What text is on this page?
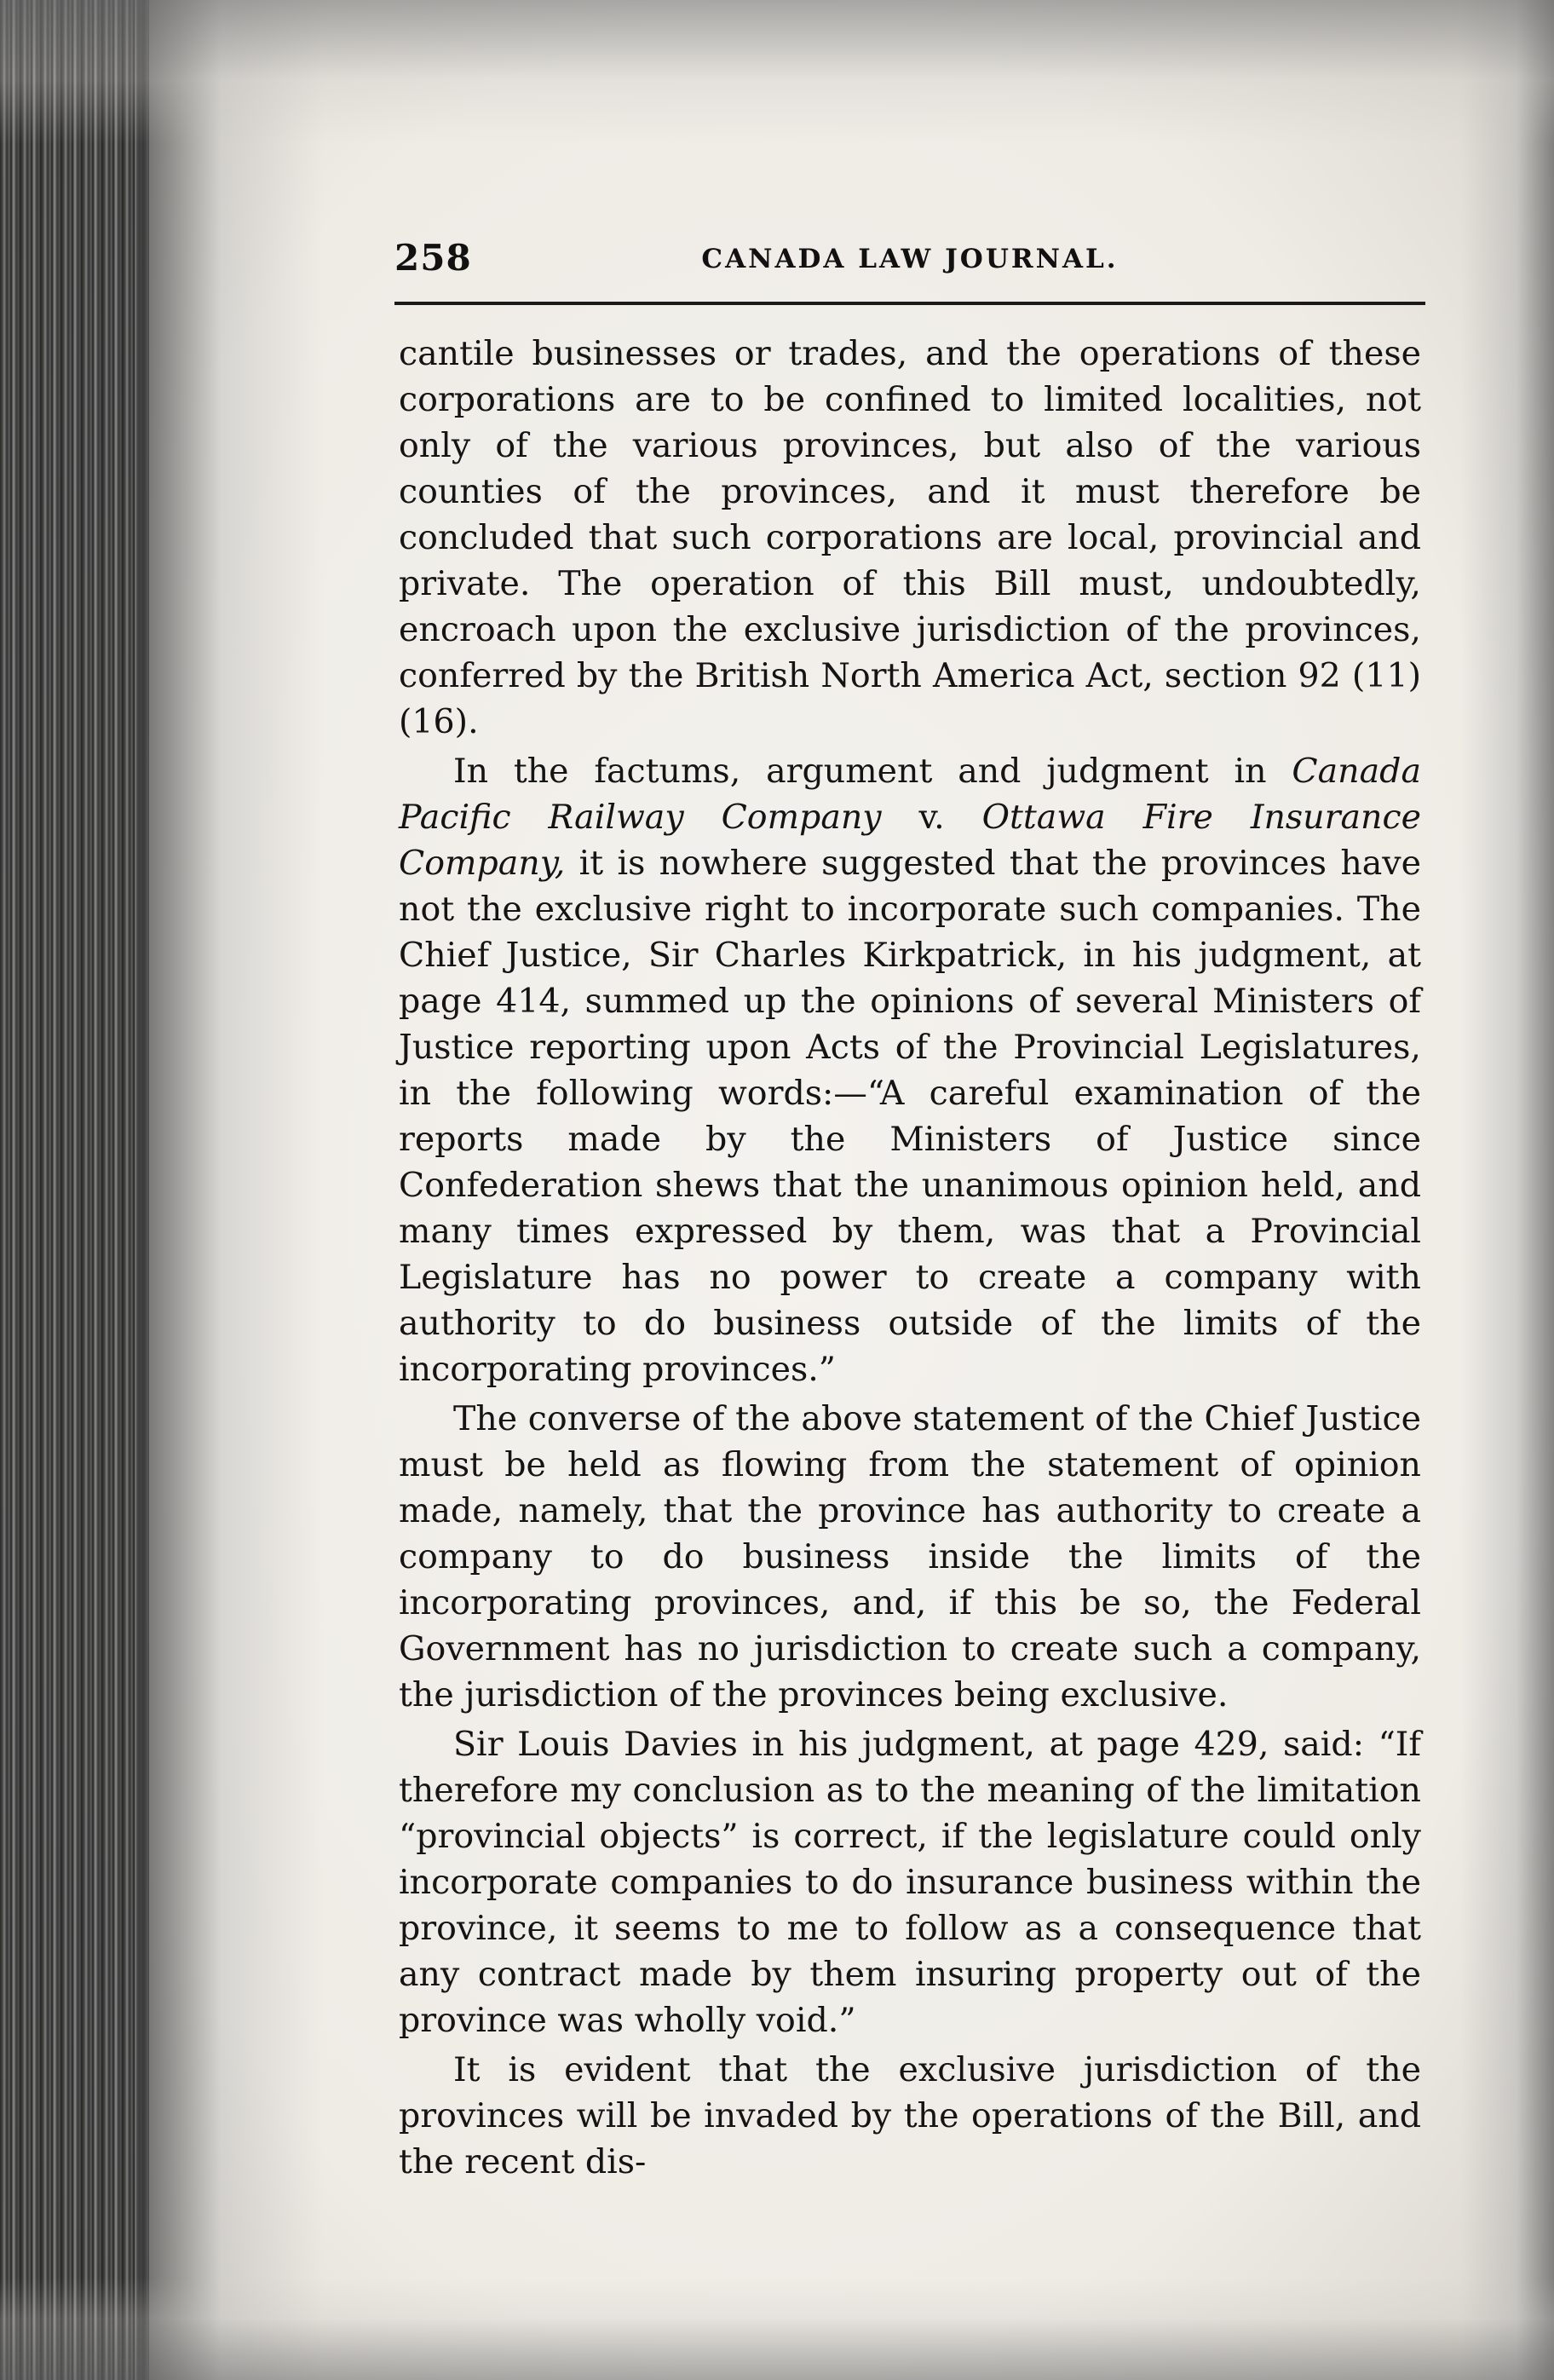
258	CANADA LAW JOURNAL.

cantile businesses or trades, and the operations of these corporations are to be confined to limited localities, not only of the various provinces, but also of the various counties of the provinces, and it must therefore be concluded that such corporations are local, provincial and private. The operation of this Bill must, undoubtedly, encroach upon the exclusive jurisdiction of the provinces, conferred by the British North America Act, section 92 (11) (16).

In the factums, argument and judgment in Canada Pacific Railway Company v. Ottawa Fire Insurance Company, it is nowhere suggested that the provinces have not the exclusive right to incorporate such companies. The Chief Justice, Sir Charles Kirkpatrick, in his judgment, at page 414, summed up the opinions of several Ministers of Justice reporting upon Acts of the Provincial Legislatures, in the following words:—“A careful examination of the reports made by the Ministers of Justice since Confederation shews that the unanimous opinion held, and many times expressed by them, was that a Provincial Legislature has no power to create a company with authority to do business outside of the limits of the incorporating provinces.”

The converse of the above statement of the Chief Justice must be held as flowing from the statement of opinion made, namely, that the province has authority to create a company to do business inside the limits of the incorporating provinces, and, if this be so, the Federal Government has no jurisdiction to create such a company, the jurisdiction of the provinces being exclusive.

Sir Louis Davies in his judgment, at page 429, said: “If therefore my conclusion as to the meaning of the limitation “provincial objects” is correct, if the legislature could only incorporate companies to do insurance business within the province, it seems to me to follow as a consequence that any contract made by them insuring property out of the province was wholly void.”

It is evident that the exclusive jurisdiction of the provinces will be invaded by the operations of the Bill, and the recent dis-
